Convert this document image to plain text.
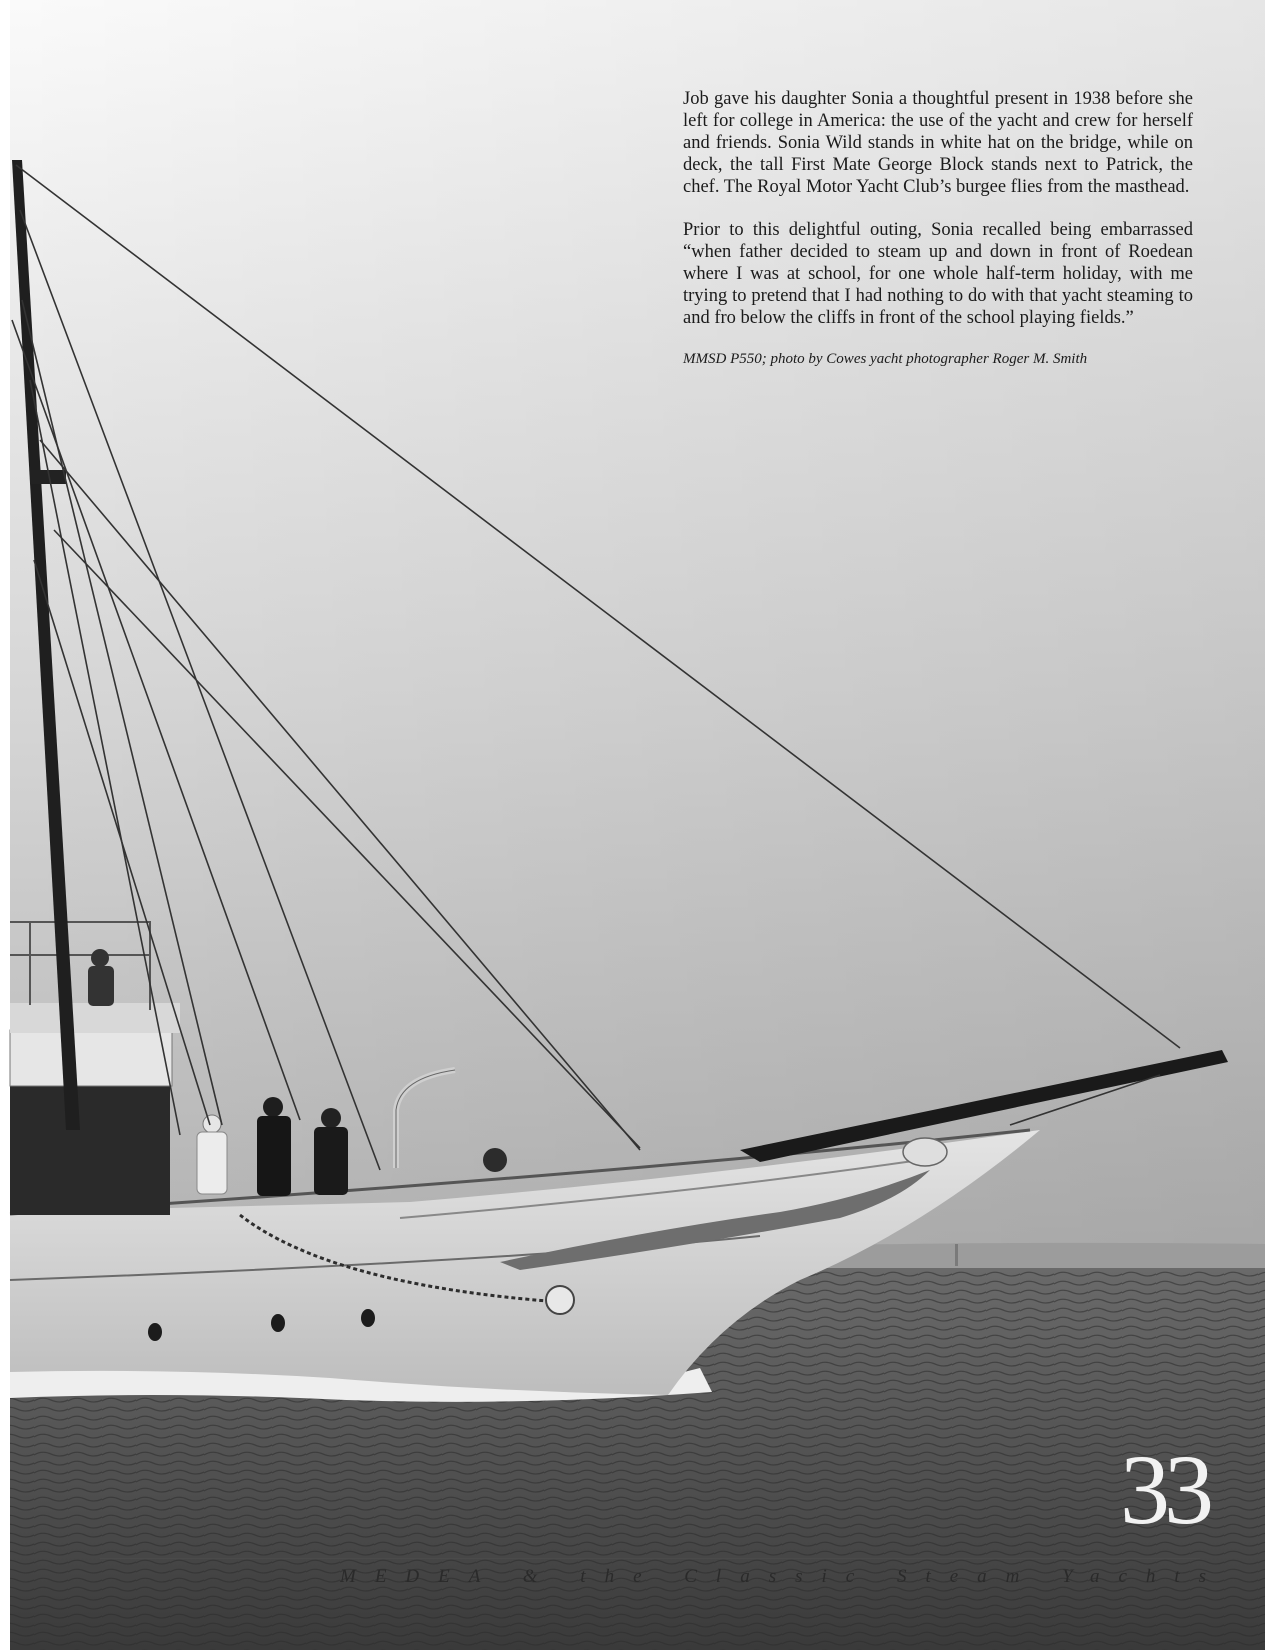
Job gave his daughter Sonia a thoughtful present in 1938 before she left for college in America: the use of the yacht and crew for herself and friends. Sonia Wild stands in white hat on the bridge, while on deck, the tall First Mate George Block stands next to Patrick, the chef. The Royal Motor Yacht Club’s burgee flies from the masthead.

Prior to this delightful outing, Sonia recalled being embarrassed “when father decided to steam up and down in front of Roedean where I was at school, for one whole half-term holiday, with me trying to pretend that I had nothing to do with that yacht steaming to and fro below the cliffs in front of the school playing fields.”

MMSD P550; photo by Cowes yacht photographer Roger M. Smith

33
MEDEA & the Classic Steam Yachts
